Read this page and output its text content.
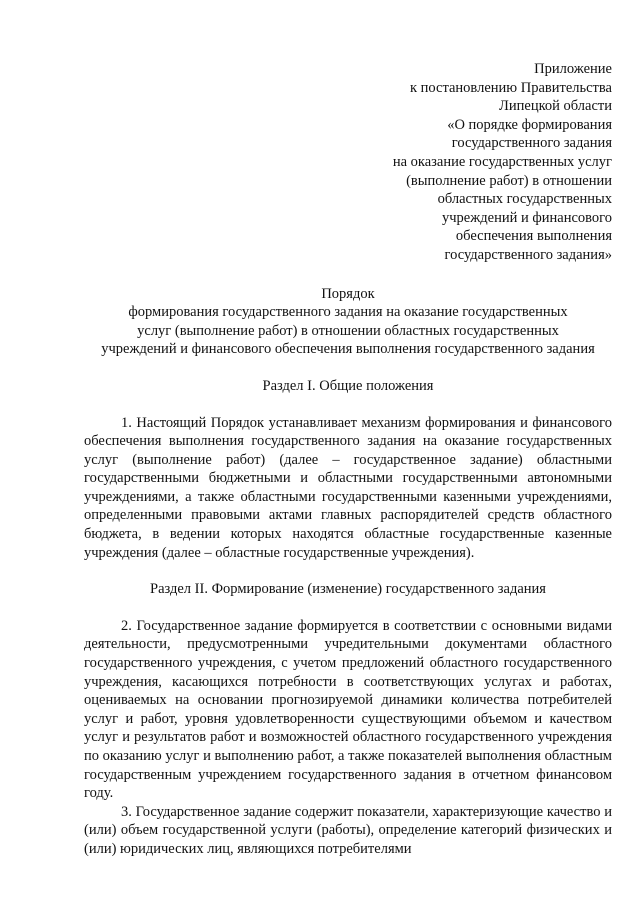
Приложение
к постановлению Правительства
Липецкой области
«О порядке формирования
государственного задания
на оказание государственных услуг
(выполнение работ) в отношении
областных государственных
учреждений и финансового
обеспечения выполнения
государственного задания»
Порядок
формирования государственного задания на оказание государственных
услуг (выполнение работ) в отношении областных государственных
учреждений и финансового обеспечения выполнения государственного задания
Раздел I. Общие положения

1. Настоящий Порядок устанавливает механизм формирования и финансового обеспечения выполнения государственного задания на оказание государственных услуг (выполнение работ) (далее – государственное задание) областными государственными бюджетными и областными государственными автономными учреждениями, а также областными государственными казенными учреждениями, определенными правовыми актами главных распорядителей средств областного бюджета, в ведении которых находятся областные государственные казенные учреждения (далее – областные государственные учреждения).

Раздел II. Формирование (изменение) государственного задания

2. Государственное задание формируется в соответствии с основными видами деятельности, предусмотренными учредительными документами областного государственного учреждения, с учетом предложений областного государственного учреждения, касающихся потребности в соответствующих услугах и работах, оцениваемых на основании прогнозируемой динамики количества потребителей услуг и работ, уровня удовлетворенности существующими объемом и качеством услуг и результатов работ и возможностей областного государственного учреждения по оказанию услуг и выполнению работ, а также показателей выполнения областным государственным учреждением государственного задания в отчетном финансовом году.

3. Государственное задание содержит показатели, характеризующие качество и (или) объем государственной услуги (работы), определение категорий физических и (или) юридических лиц, являющихся потребителями
